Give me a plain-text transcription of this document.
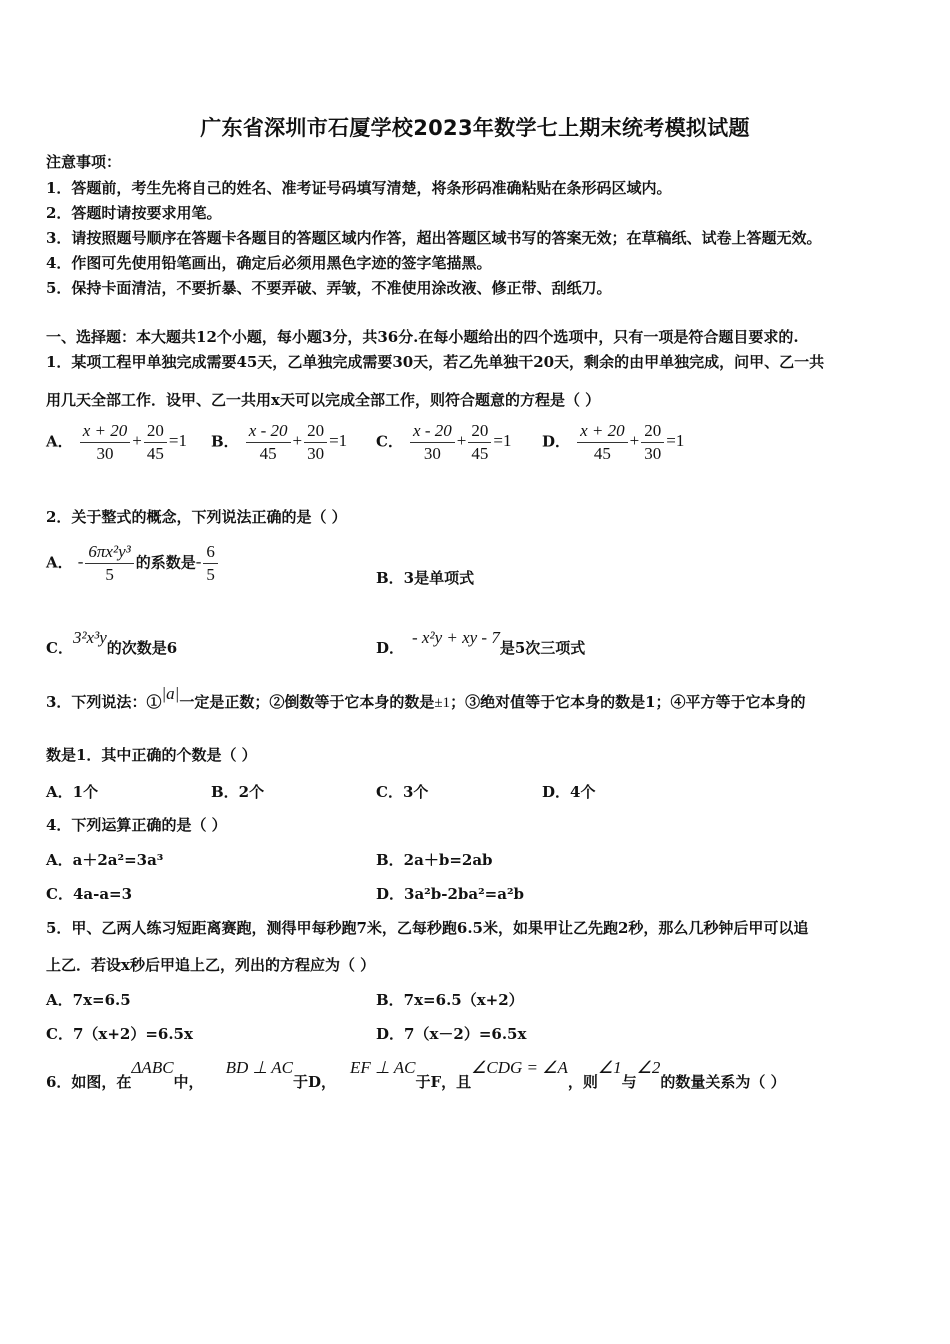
广东省深圳市石厦学校2023年数学七上期末统考模拟试题
注意事项：
1．答题前，考生先将自己的姓名、准考证号码填写清楚，将条形码准确粘贴在条形码区域内。
2．答题时请按要求用笔。
3．请按照题号顺序在答题卡各题目的答题区域内作答，超出答题区域书写的答案无效；在草稿纸、试卷上答题无效。
4．作图可先使用铅笔画出，确定后必须用黑色字迹的签字笔描黑。
5．保持卡面清洁，不要折暴、不要弄破、弄皱，不准使用涂改液、修正带、刮纸刀。
一、选择题：本大题共12个小题，每小题3分，共36分.在每小题给出的四个选项中，只有一项是符合题目要求的.
1．某项工程甲单独完成需要45天，乙单独完成需要30天，若乙先单独干20天，剩余的由甲单独完成，问甲、乙一共
用几天全部工作．设甲、乙一共用x天可以完成全部工作，则符合题意的方程是（ ）
A． $\frac{x + 20}{30} + \frac{20}{45} =1$ B． $\frac{x - 20}{45} + \frac{20}{30} =1$ C． $\frac{x - 20}{30} + \frac{20}{45} =1$ D． $\frac{x + 20}{45} + \frac{20}{30} =1$
2．关于整式的概念，下列说法正确的是（ ）
A． - $\frac{\text{6πx²y³}}{5}$ 的系数是- $\frac{6}{5}$	B．3是单项式
C．3²x³y的次数是6	D．- x²y + xy - 7是5次三项式
3．下列说法：①|a|一定是正数；②倒数等于它本身的数是±1；③绝对值等于它本身的数是1；④平方等于它本身的
数是1．其中正确的个数是（ ）
A．1个	B．2个	C．3个	D．4个
4．下列运算正确的是（ ）
A．a＋2a²=3a³	B．2a＋b=2ab
C．4a-a=3	D．3a²b-2ba²=a²b
5．甲、乙两人练习短距离赛跑，测得甲每秒跑7米，乙每秒跑6.5米，如果甲让乙先跑2秒，那么几秒钟后甲可以追
上乙．若设x秒后甲追上乙，列出的方程应为（ ）
A．7x=6.5	B．7x=6.5（x+2）
C．7（x+2）=6.5x	D．7（x－2）=6.5x
6．如图，在ΔABC中，BD ⊥ AC于D，EF ⊥ AC于F，且∠CDG = ∠A，则∠1与∠2的数量关系为（ ）
